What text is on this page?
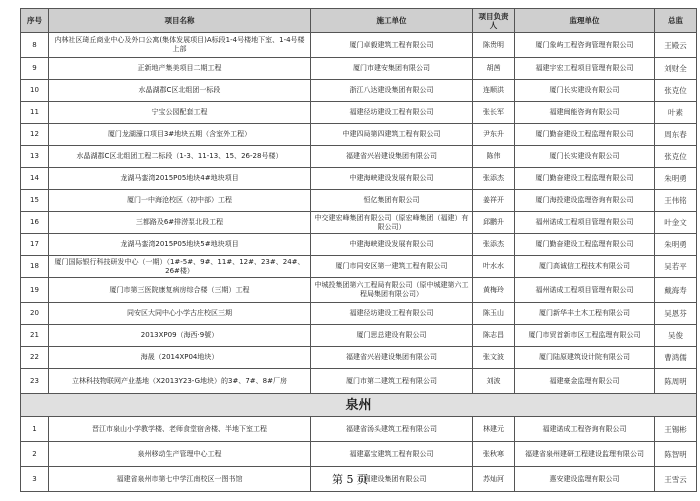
序号	项目名称	施工单位	项目负责人	监理单位	总监
8	内林社区琦丘商业中心及外口公寓(集体发展项目)A标段1-4号楼地下室、1-4号楼上部	厦门卓毅建筑工程有限公司	陈贵明	厦门象屿工程咨询管理有限公司	王殿云
9	正新地产集美项目二期工程	厦门市建安集团有限公司	胡茜	福建宇宏工程项目管理有限公司	刘财全
10	水晶湖郡C区北组团一标段	浙江八达建设集团有限公司	连顺洪	厦门长实建设有限公司	张克位
11	宁宝公园配套工程	福建径坊建设工程有限公司	张长军	福建闽能咨询有限公司	叶素
12	厦门龙湖濠口项目3#地块五期（含室外工程）	中建四局第四建筑工程有限公司	尹东升	厦门勤奋建设工程监理有限公司	周东春
13	水晶湖郡C区北组团工程二标段（1-3、11-13、15、26-28号楼）	福建省兴岩建设集团有限公司	陈伟	厦门长实建设有限公司	张克位
14	龙湖马銮湾2015P05地块4#地块项目	中建海峡建设发展有限公司	张添杰	厦门勤奋建设工程监理有限公司	朱明勇
15	厦门一中海沧校区（初中部）工程	恒亿集团有限公司	姜祥开	厦门海投建设监理咨询有限公司	王伟铭
16	三都路及6#排涝泵北段工程	中交建宏峰集团有限公司（原宏峰集团（福建）有限公司）	邱鹏升	福州诺成工程项目管理有限公司	叶金文
17	龙湖马銮湾2015P05地块5#地块项目	中建海峡建设发展有限公司	张添杰	厦门勤奋建设工程监理有限公司	朱明勇
18	厦门国际银行科技研发中心（一期）（1#-5#、9#、11#、12#、23#、24#、26#楼）	厦门市同安区第一建筑工程有限公司	叶水水	厦门高诚信工程技术有限公司	吴若平
19	厦门市第三医院康复病房综合楼（三期）工程	中城投集团第六工程局有限公司（原中城建第六工程局集团有限公司）	黄梅玲	福州诺成工程项目管理有限公司	戴海寿
20	同安区大同中心小学古庄校区三期	福建径坊建设工程有限公司	陈玉山	厦门新华丰土木工程有限公司	吴恩芬
21	2013XP09（海西·9號）	厦门思总建设有限公司	陈志昌	厦门市贸首新市区工程监理有限公司	吴俊
22	海晟（2014XP04地块）	福建省兴岩建设集团有限公司	张文波	厦门陆原建筑设计院有限公司	曹鸿儒
23	立林科技物联网产业基地（X2013Y23-G地块）的3#、7#、8#厂房	厦门市第二建筑工程有限公司	刘波	福建豪金监理有限公司	陈周明
泉州					
1	晋江市泉山小学教学楼、老师食堂宿舍楼、半地下室工程	福建省汤头建筑工程有限公司	林建元	福建诺成工程咨询有限公司	王锡彬
2	泉州移动生产管理中心工程	福建嘉宝建筑工程有限公司	张秋寒	福建省泉州建研工程建设监理有限公司	陈智明
3	福建省泉州市第七中学江南校区一图书馆	方圆建设集团有限公司	苏灿河	惠安建设监理有限公司	王雪云
第 5 页
